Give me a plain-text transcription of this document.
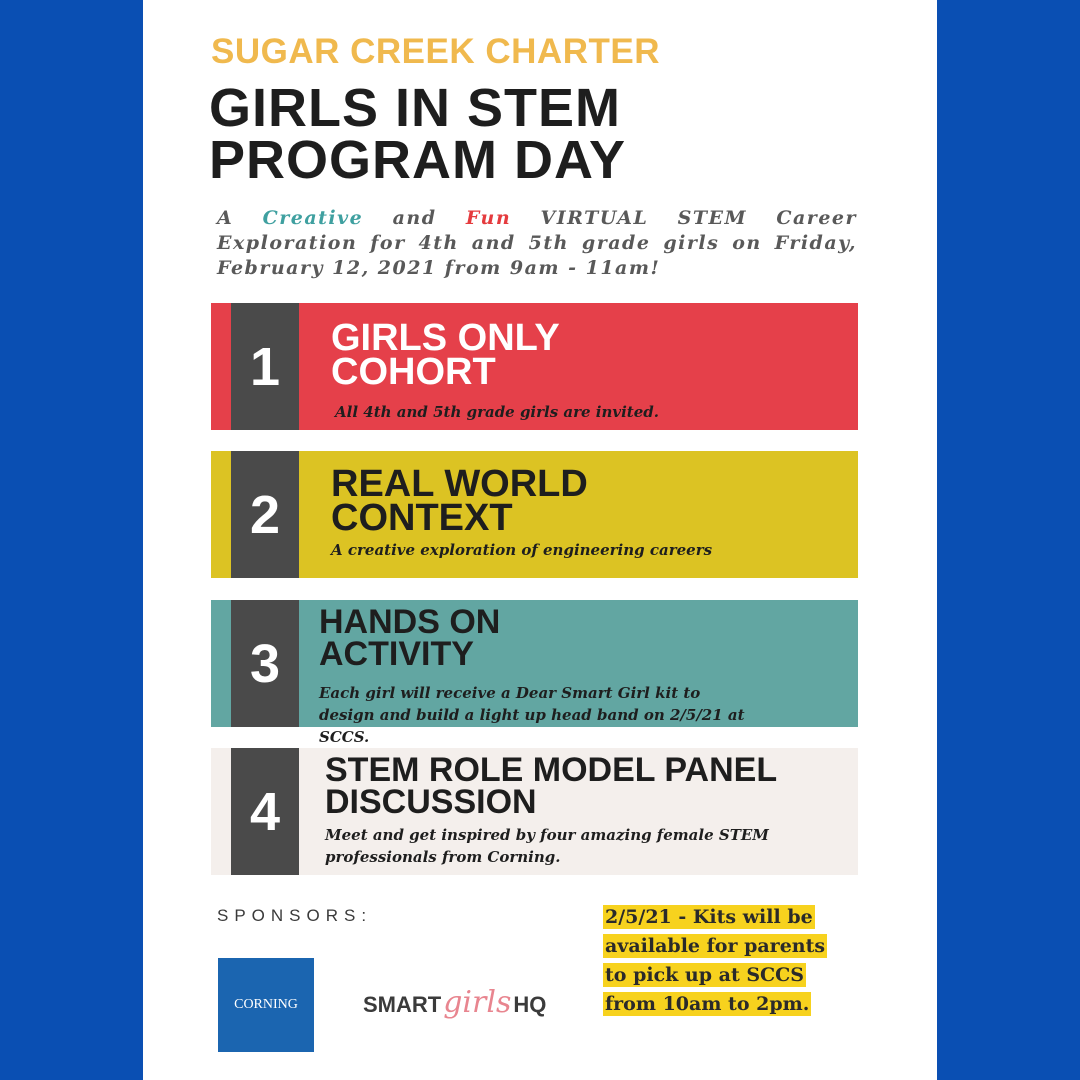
SUGAR CREEK CHARTER
GIRLS IN STEM
PROGRAM DAY
A Creative and Fun VIRTUAL STEM Career Exploration for 4th and 5th grade girls on Friday, February 12, 2021 from 9am - 11am!
1	GIRLS ONLY
COHORT
All 4th and 5th grade girls are invited.
2
REAL WORLD
CONTEXT
A creative exploration of engineering careers
3
HANDS ON
ACTIVITY
Each girl will receive a Dear Smart Girl kit to design and build a light up head band on 2/5/21 at SCCS.
4
STEM ROLE MODEL PANEL
DISCUSSION
Meet and get inspired by four amazing female STEM professionals from Corning.
SPONSORS:
CORNING	SMART girls HQ
2/5/21 - Kits will be available for parents to pick up at SCCS from 10am to 2pm.
